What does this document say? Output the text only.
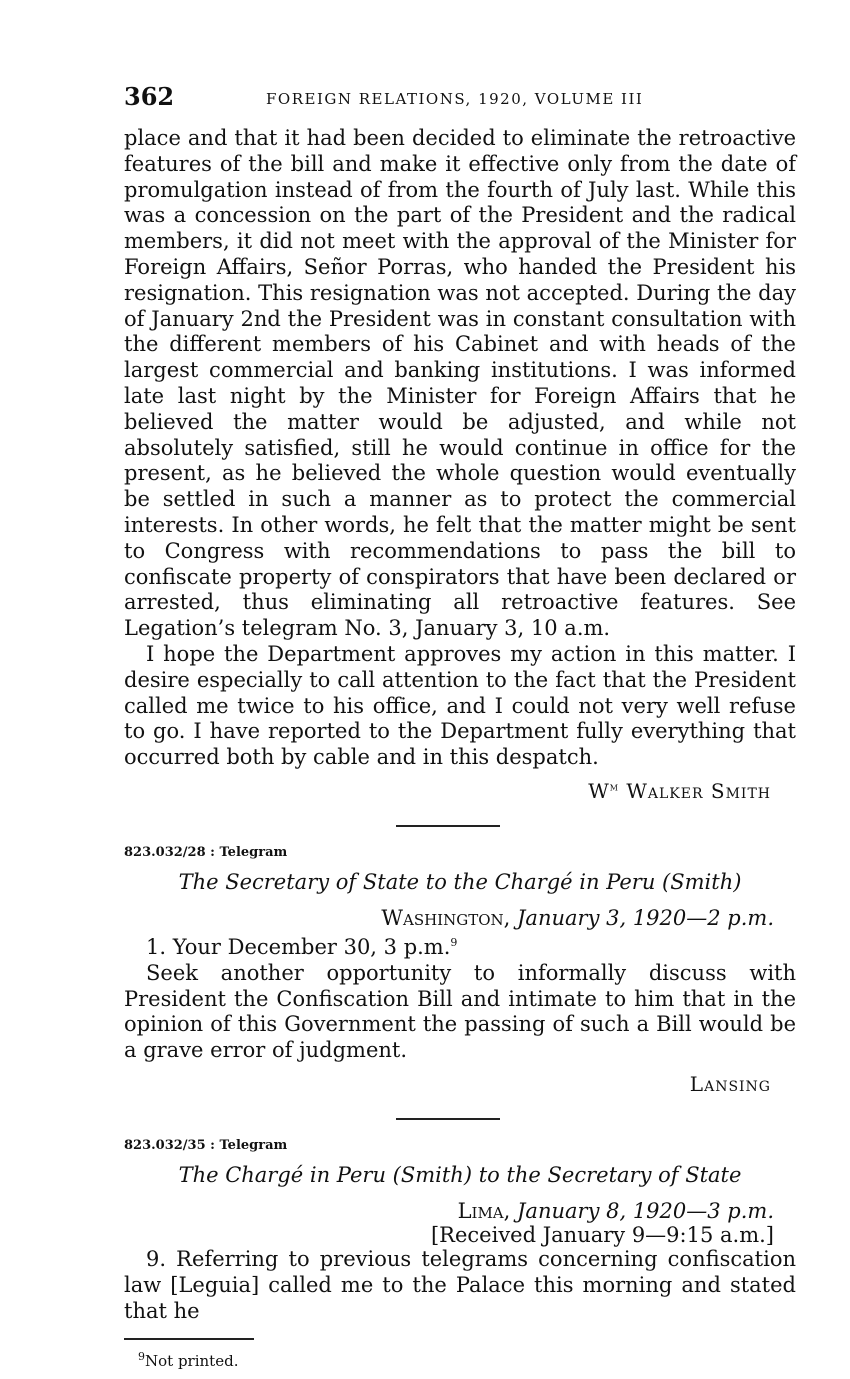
362	FOREIGN RELATIONS, 1920, VOLUME III

place and that it had been decided to eliminate the retroactive features of the bill and make it effective only from the date of promulgation instead of from the fourth of July last. While this was a concession on the part of the President and the radical members, it did not meet with the approval of the Minister for Foreign Affairs, Señor Porras, who handed the President his resignation. This resignation was not accepted. During the day of January 2nd the President was in constant consultation with the different members of his Cabinet and with heads of the largest commercial and banking institutions. I was informed late last night by the Minister for Foreign Affairs that he believed the matter would be adjusted, and while not absolutely satisfied, still he would continue in office for the present, as he believed the whole question would eventually be settled in such a manner as to protect the commercial interests. In other words, he felt that the matter might be sent to Congress with recommendations to pass the bill to confiscate property of conspirators that have been declared or arrested, thus eliminating all retroactive features. See Legation’s telegram No. 3, January 3, 10 a.m.

I hope the Department approves my action in this matter. I desire especially to call attention to the fact that the President called me twice to his office, and I could not very well refuse to go. I have reported to the Department fully everything that occurred both by cable and in this despatch.

$W^m$ Walker Smith
823.032/28 : Telegram
The Secretary of State to the Chargé in Peru (Smith)
Washington, January 3, 1920—2 p.m.

1. Your December 30, 3 p.m.$^9$

Seek another opportunity to informally discuss with President the Confiscation Bill and intimate to him that in the opinion of this Government the passing of such a Bill would be a grave error of judgment.

Lansing
823.032/35 : Telegram
The Chargé in Peru (Smith) to the Secretary of State
Lima, January 8, 1920—3 p.m.
[Received January 9—9:15 a.m.]

9. Referring to previous telegrams concerning confiscation law [Leguia] called me to the Palace this morning and stated that he

$^9$Not printed.
